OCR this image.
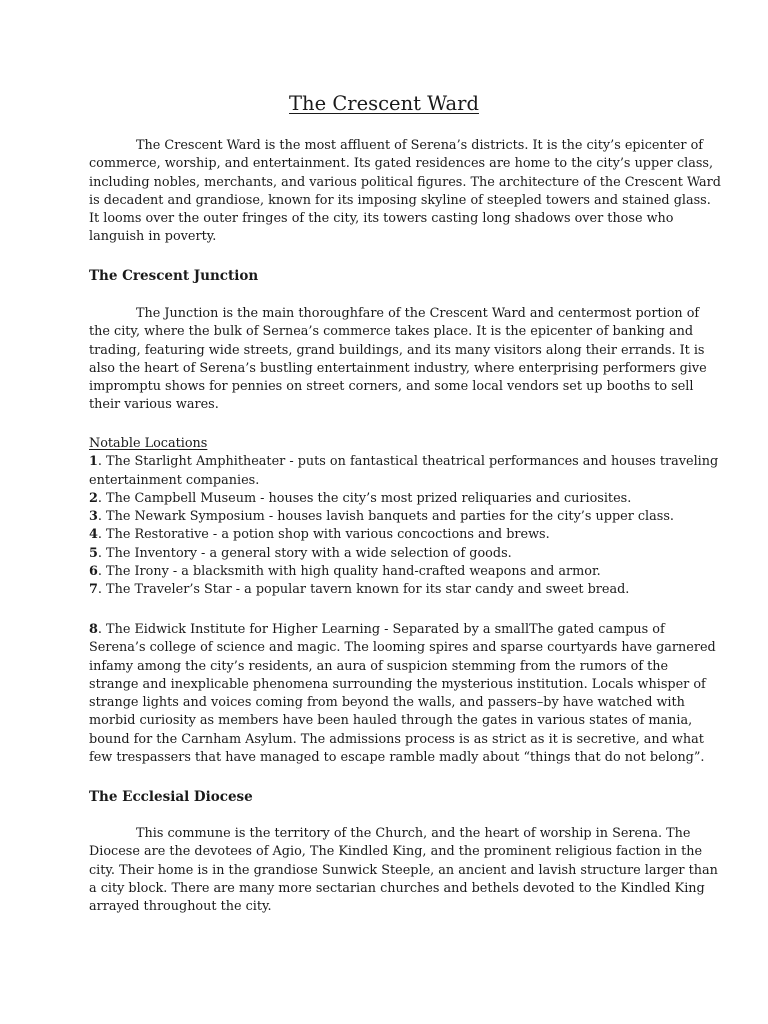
The Crescent Ward

The Crescent Ward is the most affluent of Serena’s districts. It is the city’s epicenter of
commerce, worship, and entertainment. Its gated residences are home to the city’s upper class,
including nobles, merchants, and various political figures. The architecture of the Crescent Ward
is decadent and grandiose, known for its imposing skyline of steepled towers and stained glass.
It looms over the outer fringes of the city, its towers casting long shadows over those who
languish in poverty.

The Crescent Junction

The Junction is the main thoroughfare of the Crescent Ward and centermost portion of
the city, where the bulk of Sernea’s commerce takes place. It is the epicenter of banking and
trading, featuring wide streets, grand buildings, and its many visitors along their errands. It is
also the heart of Serena’s bustling entertainment industry, where enterprising performers give
impromptu shows for pennies on street corners, and some local vendors set up booths to sell
their various wares.

Notable Locations
1. The Starlight Amphitheater - puts on fantastical theatrical performances and houses traveling
entertainment companies.
2. The Campbell Museum - houses the city’s most prized reliquaries and curiosites.
3. The Newark Symposium - houses lavish banquets and parties for the city’s upper class.
4. The Restorative - a potion shop with various concoctions and brews.
5. The Inventory - a general story with a wide selection of goods.
6. The Irony - a blacksmith with high quality hand-crafted weapons and armor.
7. The Traveler’s Star - a popular tavern known for its star candy and sweet bread.
8. The Eidwick Institute for Higher Learning - Separated by a smallThe gated campus of
Serena’s college of science and magic. The looming spires and sparse courtyards have garnered
infamy among the city’s residents, an aura of suspicion stemming from the rumors of the
strange and inexplicable phenomena surrounding the mysterious institution. Locals whisper of
strange lights and voices coming from beyond the walls, and passers–by have watched with
morbid curiosity as members have been hauled through the gates in various states of mania,
bound for the Carnham Asylum. The admissions process is as strict as it is secretive, and what
few trespassers that have managed to escape ramble madly about “things that do not belong”.
The Ecclesial Diocese

This commune is the territory of the Church, and the heart of worship in Serena. The
Diocese are the devotees of Agio, The Kindled King, and the prominent religious faction in the
city. Their home is in the grandiose Sunwick Steeple, an ancient and lavish structure larger than
a city block. There are many more sectarian churches and bethels devoted to the Kindled King
arrayed throughout the city.
